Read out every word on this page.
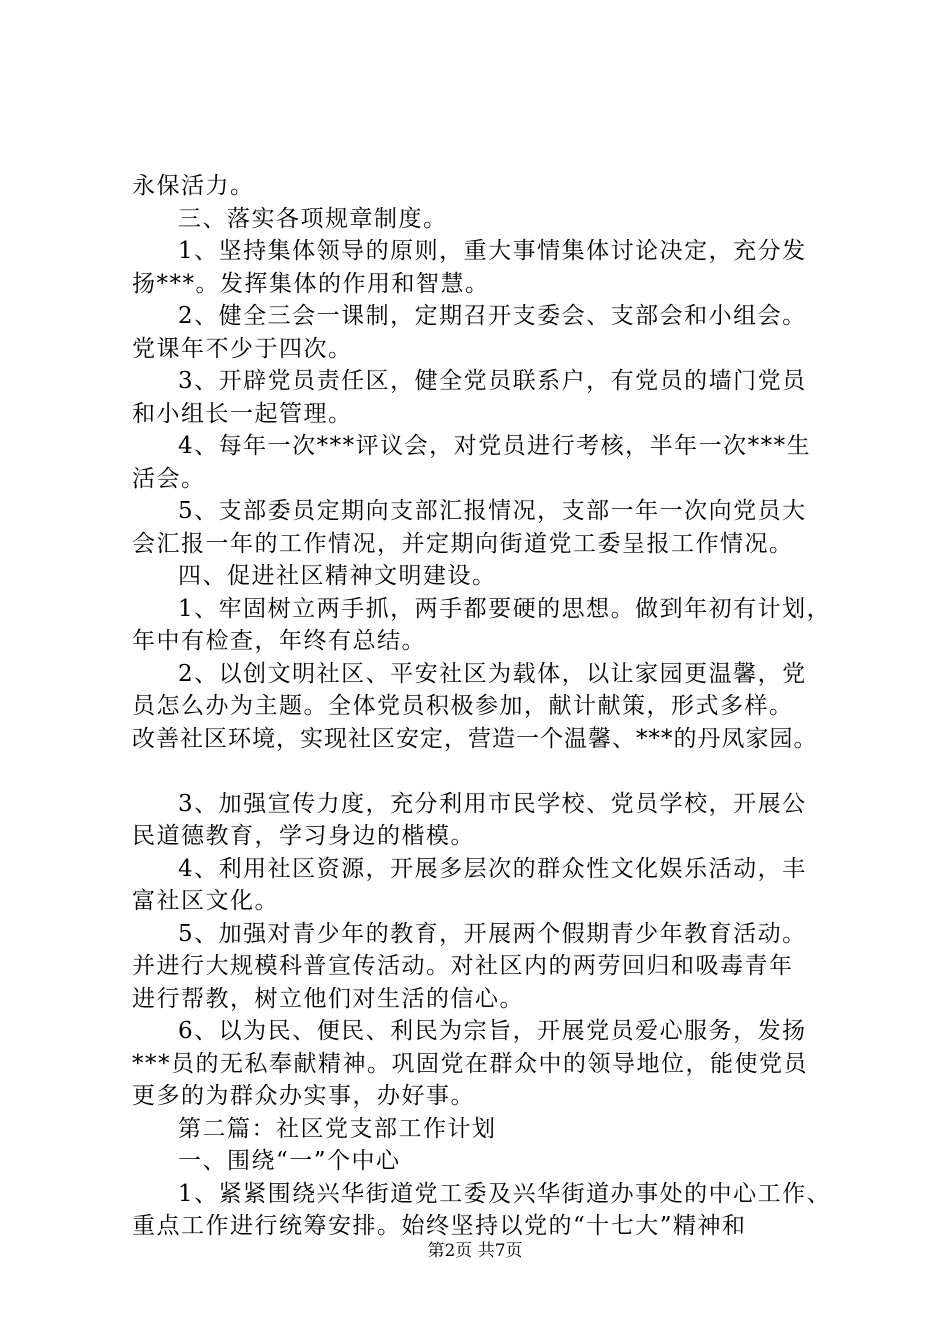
永保活力。
三、落实各项规章制度。
1、坚持集体领导的原则，重大事情集体讨论决定，充分发
扬***。发挥集体的作用和智慧。
2、健全三会一课制，定期召开支委会、支部会和小组会。
党课年不少于四次。
3、开辟党员责任区，健全党员联系户，有党员的墙门党员
和小组长一起管理。
4、每年一次***评议会，对党员进行考核，半年一次***生
活会。
5、支部委员定期向支部汇报情况，支部一年一次向党员大
会汇报一年的工作情况，并定期向街道党工委呈报工作情况。
四、促进社区精神文明建设。
1、牢固树立两手抓，两手都要硬的思想。做到年初有计划，
年中有检查，年终有总结。
2、以创文明社区、平安社区为载体，以让家园更温馨，党
员怎么办为主题。全体党员积极参加，献计献策，形式多样。
改善社区环境，实现社区安定，营造一个温馨、***的丹凤家园。
3、加强宣传力度，充分利用市民学校、党员学校，开展公
民道德教育，学习身边的楷模。
4、利用社区资源，开展多层次的群众性文化娱乐活动，丰
富社区文化。
5、加强对青少年的教育，开展两个假期青少年教育活动。
并进行大规模科普宣传活动。对社区内的两劳回归和吸毒青年
进行帮教，树立他们对生活的信心。
6、以为民、便民、利民为宗旨，开展党员爱心服务，发扬
***员的无私奉献精神。巩固党在群众中的领导地位，能使党员
更多的为群众办实事，办好事。
第二篇：社区党支部工作计划
一、围绕“一”个中心
1、紧紧围绕兴华街道党工委及兴华街道办事处的中心工作、
重点工作进行统筹安排。始终坚持以党的“十七大”精神和
第2页 共7页
